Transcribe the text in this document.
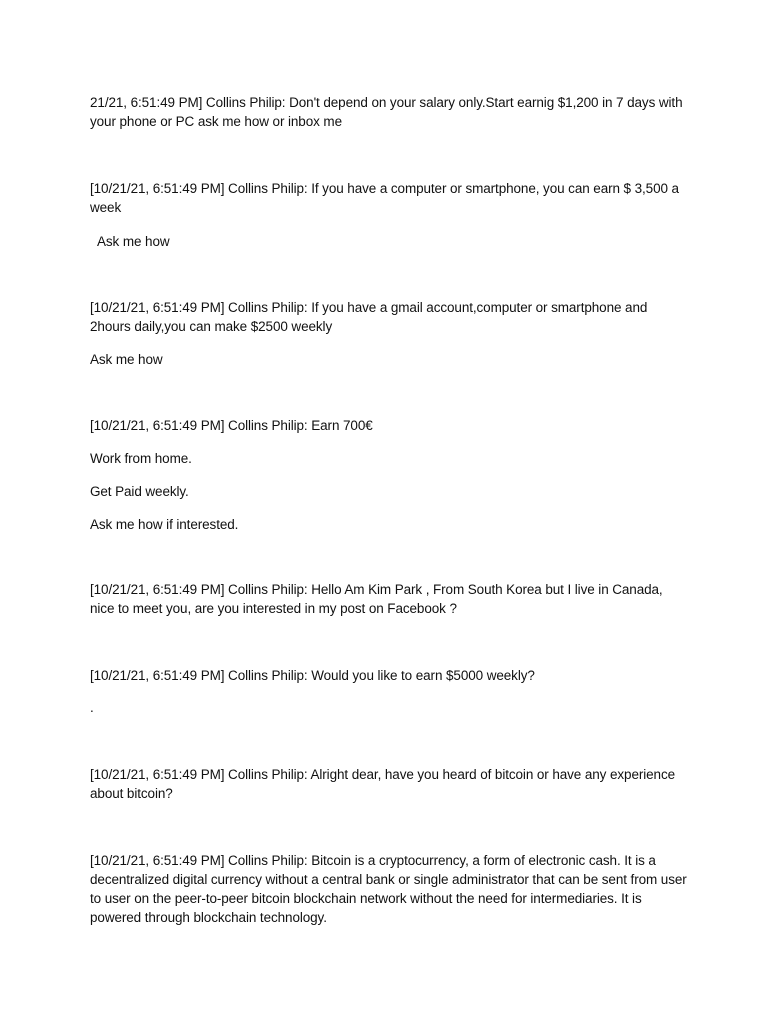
21/21, 6:51:49 PM] Collins Philip: Don't depend on your salary only.Start earnig $1,200 in 7 days with your phone or PC ask me how or inbox me
[10/21/21, 6:51:49 PM] Collins Philip: If you have a computer or smartphone, you can earn $ 3,500 a week
Ask me how
[10/21/21, 6:51:49 PM] Collins Philip: If you have a gmail account,computer or smartphone and 2hours daily,you can make $2500 weekly
Ask me how
[10/21/21, 6:51:49 PM] Collins Philip: Earn 700€
Work from home.
Get Paid weekly.
Ask me how if interested.
[10/21/21, 6:51:49 PM] Collins Philip: Hello Am Kim Park , From South Korea but I live in Canada, nice to meet you, are you interested in my post on Facebook ?
[10/21/21, 6:51:49 PM] Collins Philip: Would you like to earn $5000 weekly?
.
[10/21/21, 6:51:49 PM] Collins Philip: Alright dear, have you heard of bitcoin or have any experience about bitcoin?
[10/21/21, 6:51:49 PM] Collins Philip: Bitcoin is a cryptocurrency, a form of electronic cash. It is a decentralized digital currency without a central bank or single administrator that can be sent from user to user on the peer-to-peer bitcoin blockchain network without the need for intermediaries. It is powered through blockchain technology.
